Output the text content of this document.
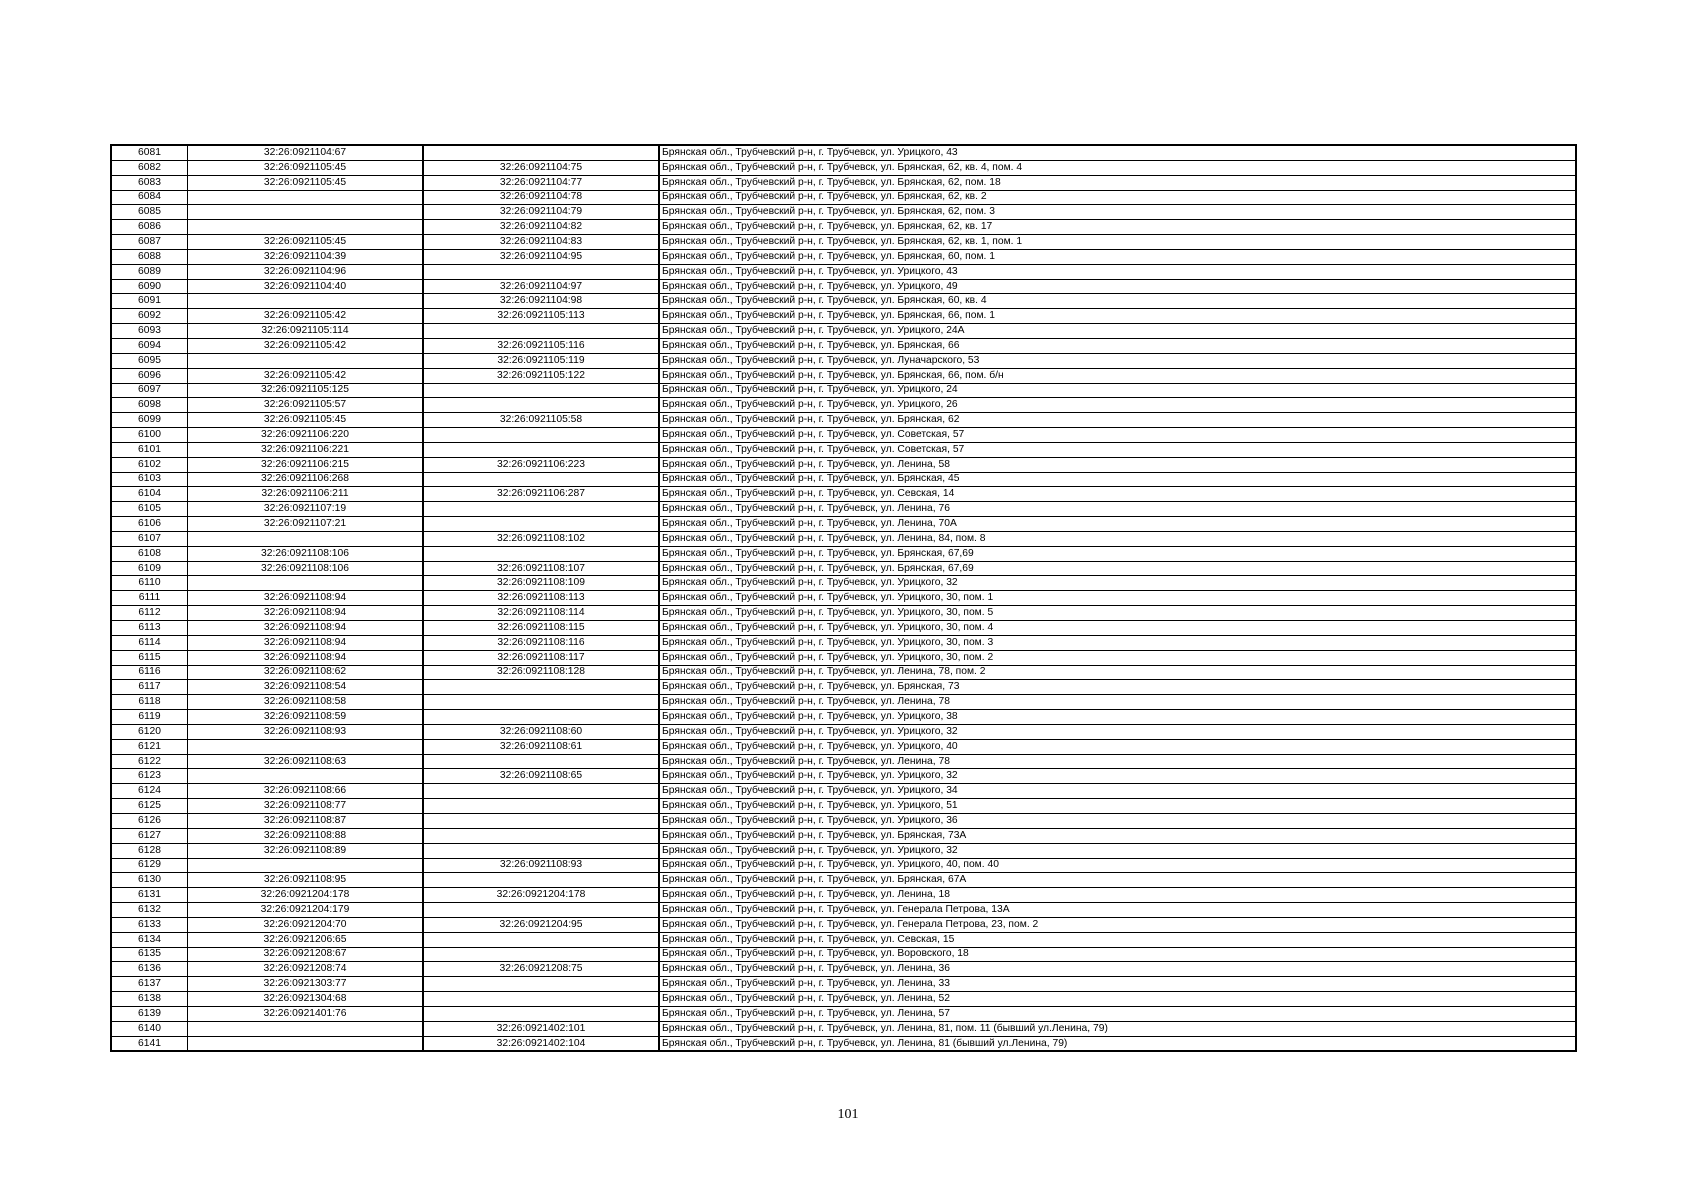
6081	32:26:0921104:67		Брянская обл., Трубчевский р-н, г. Трубчевск, ул. Урицкого, 43
6082	32:26:0921105:45	32:26:0921104:75	Брянская обл., Трубчевский р-н, г. Трубчевск, ул. Брянская, 62, кв. 4, пом. 4
6083	32:26:0921105:45	32:26:0921104:77	Брянская обл., Трубчевский р-н, г. Трубчевск, ул. Брянская, 62, пом. 18
6084		32:26:0921104:78	Брянская обл., Трубчевский р-н, г. Трубчевск, ул. Брянская, 62, кв. 2
6085		32:26:0921104:79	Брянская обл., Трубчевский р-н, г. Трубчевск, ул. Брянская, 62, пом. 3
6086		32:26:0921104:82	Брянская обл., Трубчевский р-н, г. Трубчевск, ул. Брянская, 62, кв. 17
6087	32:26:0921105:45	32:26:0921104:83	Брянская обл., Трубчевский р-н, г. Трубчевск, ул. Брянская, 62, кв. 1, пом. 1
6088	32:26:0921104:39	32:26:0921104:95	Брянская обл., Трубчевский р-н, г. Трубчевск, ул. Брянская, 60, пом. 1
6089	32:26:0921104:96		Брянская обл., Трубчевский р-н, г. Трубчевск, ул. Урицкого, 43
6090	32:26:0921104:40	32:26:0921104:97	Брянская обл., Трубчевский р-н, г. Трубчевск, ул. Урицкого, 49
6091		32:26:0921104:98	Брянская обл., Трубчевский р-н, г. Трубчевск, ул. Брянская, 60, кв. 4
6092	32:26:0921105:42	32:26:0921105:113	Брянская обл., Трубчевский р-н, г. Трубчевск, ул. Брянская, 66, пом. 1
6093	32:26:0921105:114		Брянская обл., Трубчевский р-н, г. Трубчевск, ул. Урицкого, 24А
6094	32:26:0921105:42	32:26:0921105:116	Брянская обл., Трубчевский р-н, г. Трубчевск, ул. Брянская, 66
6095		32:26:0921105:119	Брянская обл., Трубчевский р-н, г. Трубчевск, ул. Луначарского, 53
6096	32:26:0921105:42	32:26:0921105:122	Брянская обл., Трубчевский р-н, г. Трубчевск, ул. Брянская, 66, пом. б/н
6097	32:26:0921105:125		Брянская обл., Трубчевский р-н, г. Трубчевск, ул. Урицкого, 24
6098	32:26:0921105:57		Брянская обл., Трубчевский р-н, г. Трубчевск, ул. Урицкого, 26
6099	32:26:0921105:45	32:26:0921105:58	Брянская обл., Трубчевский р-н, г. Трубчевск, ул. Брянская, 62
6100	32:26:0921106:220		Брянская обл., Трубчевский р-н, г. Трубчевск, ул. Советская, 57
6101	32:26:0921106:221		Брянская обл., Трубчевский р-н, г. Трубчевск, ул. Советская, 57
6102	32:26:0921106:215	32:26:0921106:223	Брянская обл., Трубчевский р-н, г. Трубчевск, ул. Ленина, 58
6103	32:26:0921106:268		Брянская обл., Трубчевский р-н, г. Трубчевск, ул. Брянская, 45
6104	32:26:0921106:211	32:26:0921106:287	Брянская обл., Трубчевский р-н, г. Трубчевск, ул. Севская, 14
6105	32:26:0921107:19		Брянская обл., Трубчевский р-н, г. Трубчевск, ул. Ленина, 76
6106	32:26:0921107:21		Брянская обл., Трубчевский р-н, г. Трубчевск, ул. Ленина, 70А
6107		32:26:0921108:102	Брянская обл., Трубчевский р-н, г. Трубчевск, ул. Ленина, 84, пом. 8
6108	32:26:0921108:106		Брянская обл., Трубчевский р-н, г. Трубчевск, ул. Брянская, 67,69
6109	32:26:0921108:106	32:26:0921108:107	Брянская обл., Трубчевский р-н, г. Трубчевск, ул. Брянская, 67,69
6110		32:26:0921108:109	Брянская обл., Трубчевский р-н, г. Трубчевск, ул. Урицкого, 32
6111	32:26:0921108:94	32:26:0921108:113	Брянская обл., Трубчевский р-н, г. Трубчевск, ул. Урицкого, 30, пом. 1
6112	32:26:0921108:94	32:26:0921108:114	Брянская обл., Трубчевский р-н, г. Трубчевск, ул. Урицкого, 30, пом. 5
6113	32:26:0921108:94	32:26:0921108:115	Брянская обл., Трубчевский р-н, г. Трубчевск, ул. Урицкого, 30, пом. 4
6114	32:26:0921108:94	32:26:0921108:116	Брянская обл., Трубчевский р-н, г. Трубчевск, ул. Урицкого, 30, пом. 3
6115	32:26:0921108:94	32:26:0921108:117	Брянская обл., Трубчевский р-н, г. Трубчевск, ул. Урицкого, 30, пом. 2
6116	32:26:0921108:62	32:26:0921108:128	Брянская обл., Трубчевский р-н, г. Трубчевск, ул. Ленина, 78, пом. 2
6117	32:26:0921108:54		Брянская обл., Трубчевский р-н, г. Трубчевск, ул. Брянская, 73
6118	32:26:0921108:58		Брянская обл., Трубчевский р-н, г. Трубчевск, ул. Ленина, 78
6119	32:26:0921108:59		Брянская обл., Трубчевский р-н, г. Трубчевск, ул. Урицкого, 38
6120	32:26:0921108:93	32:26:0921108:60	Брянская обл., Трубчевский р-н, г. Трубчевск, ул. Урицкого, 32
6121		32:26:0921108:61	Брянская обл., Трубчевский р-н, г. Трубчевск, ул. Урицкого, 40
6122	32:26:0921108:63		Брянская обл., Трубчевский р-н, г. Трубчевск, ул. Ленина, 78
6123		32:26:0921108:65	Брянская обл., Трубчевский р-н, г. Трубчевск, ул. Урицкого, 32
6124	32:26:0921108:66		Брянская обл., Трубчевский р-н, г. Трубчевск, ул. Урицкого, 34
6125	32:26:0921108:77		Брянская обл., Трубчевский р-н, г. Трубчевск, ул. Урицкого, 51
6126	32:26:0921108:87		Брянская обл., Трубчевский р-н, г. Трубчевск, ул. Урицкого, 36
6127	32:26:0921108:88		Брянская обл., Трубчевский р-н, г. Трубчевск, ул. Брянская, 73А
6128	32:26:0921108:89		Брянская обл., Трубчевский р-н, г. Трубчевск, ул. Урицкого, 32
6129		32:26:0921108:93	Брянская обл., Трубчевский р-н, г. Трубчевск, ул. Урицкого, 40, пом. 40
6130	32:26:0921108:95		Брянская обл., Трубчевский р-н, г. Трубчевск, ул. Брянская, 67А
6131	32:26:0921204:178	32:26:0921204:178	Брянская обл., Трубчевский р-н, г. Трубчевск, ул. Ленина, 18
6132	32:26:0921204:179		Брянская обл., Трубчевский р-н, г. Трубчевск, ул. Генерала Петрова, 13А
6133	32:26:0921204:70	32:26:0921204:95	Брянская обл., Трубчевский р-н, г. Трубчевск, ул. Генерала Петрова, 23, пом. 2
6134	32:26:0921206:65		Брянская обл., Трубчевский р-н, г. Трубчевск, ул. Севская, 15
6135	32:26:0921208:67		Брянская обл., Трубчевский р-н, г. Трубчевск, ул. Воровского, 18
6136	32:26:0921208:74	32:26:0921208:75	Брянская обл., Трубчевский р-н, г. Трубчевск, ул. Ленина, 36
6137	32:26:0921303:77		Брянская обл., Трубчевский р-н, г. Трубчевск, ул. Ленина, 33
6138	32:26:0921304:68		Брянская обл., Трубчевский р-н, г. Трубчевск, ул. Ленина, 52
6139	32:26:0921401:76		Брянская обл., Трубчевский р-н, г. Трубчевск, ул. Ленина, 57
6140		32:26:0921402:101	Брянская обл., Трубчевский р-н, г. Трубчевск, ул. Ленина, 81, пом. 11 (бывший ул.Ленина, 79)
6141		32:26:0921402:104	Брянская обл., Трубчевский р-н, г. Трубчевск, ул. Ленина, 81 (бывший ул.Ленина, 79)
101
